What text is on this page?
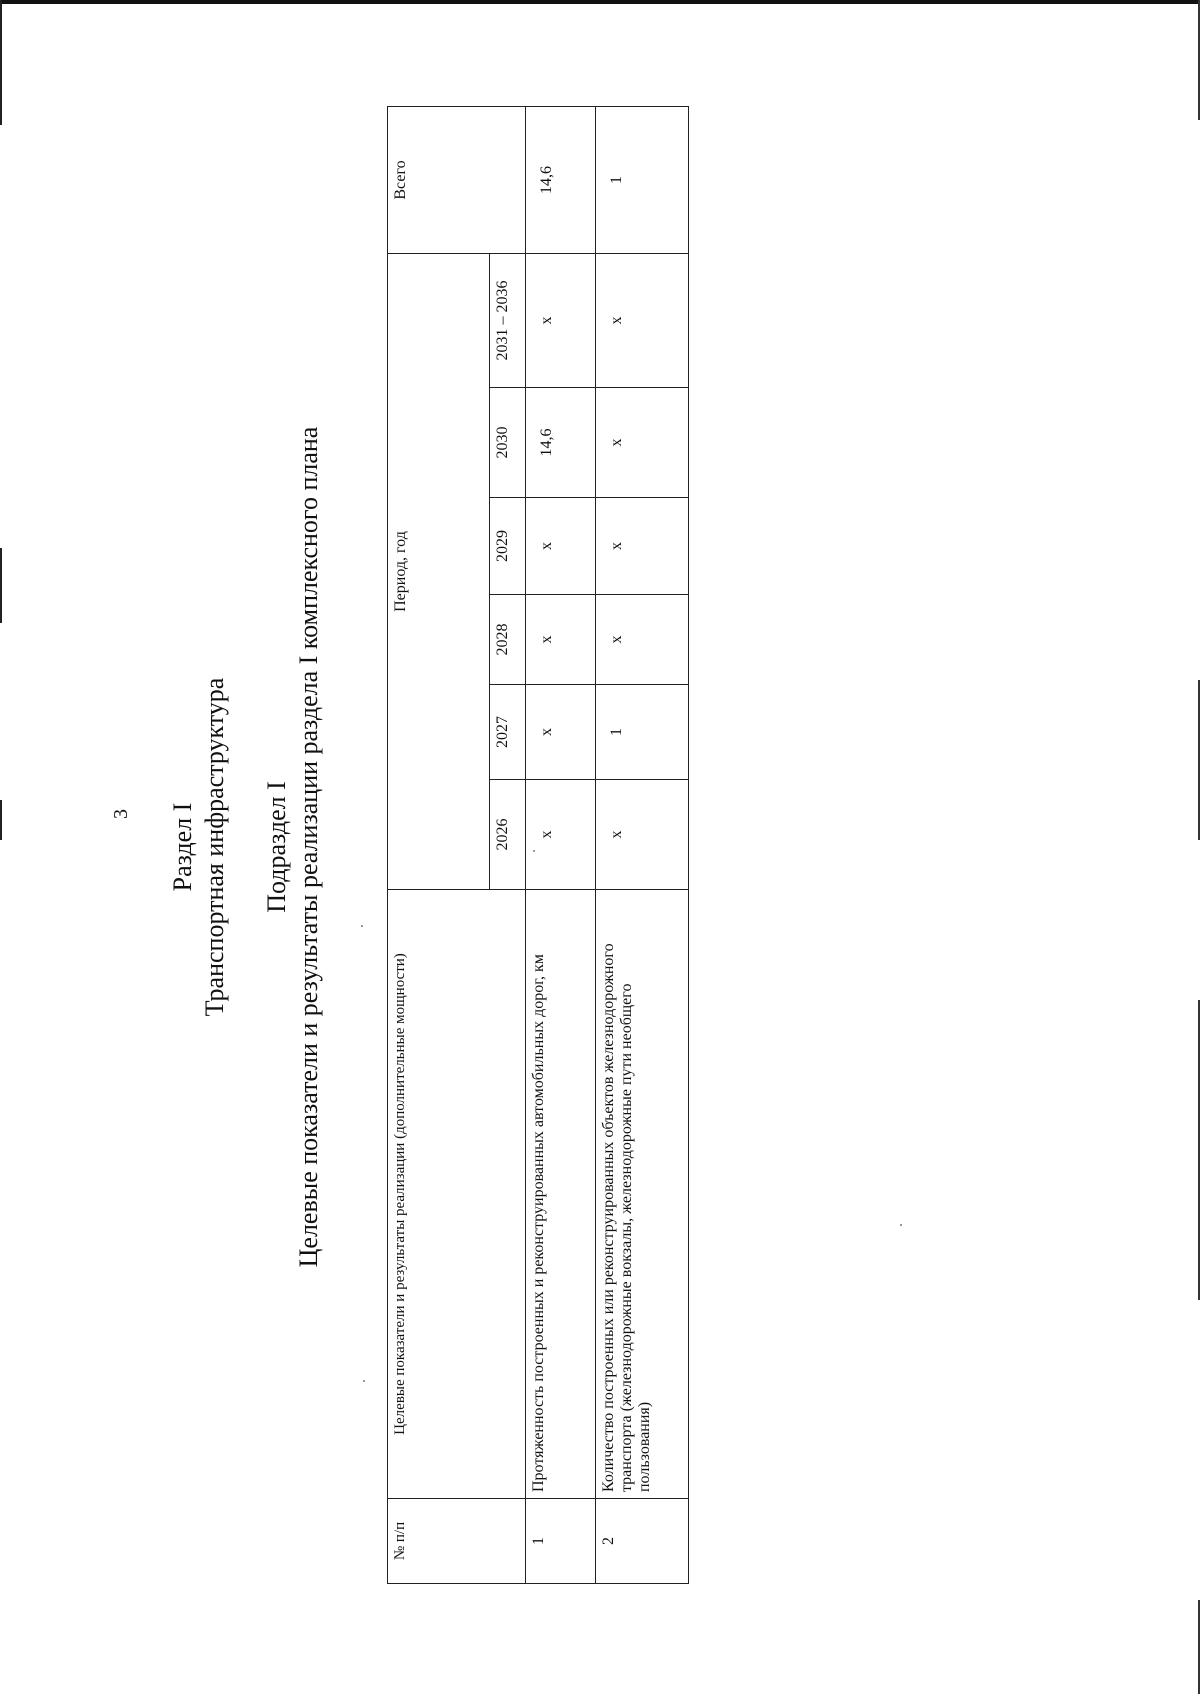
3 Раздел I Транспортная инфраструктура Подраздел I Целевые показатели и результаты реализации раздела I комплексного плана
№ п/п	Целевые показатели и результаты реализации (дополнительные мощности)	Период, год						Всего
		2026	2027	2028	2029	2030	2031 – 2036	
1	Протяженность построенных и реконструированных автомобильных дорог, км	х	х	х	х	14,6	х	14,6
2	Количество построенных или реконструированных объектов железнодорожного транспорта (железнодорожные вокзалы, железнодорожные пути необщего пользования)	х	1	х	х	х	х	1
